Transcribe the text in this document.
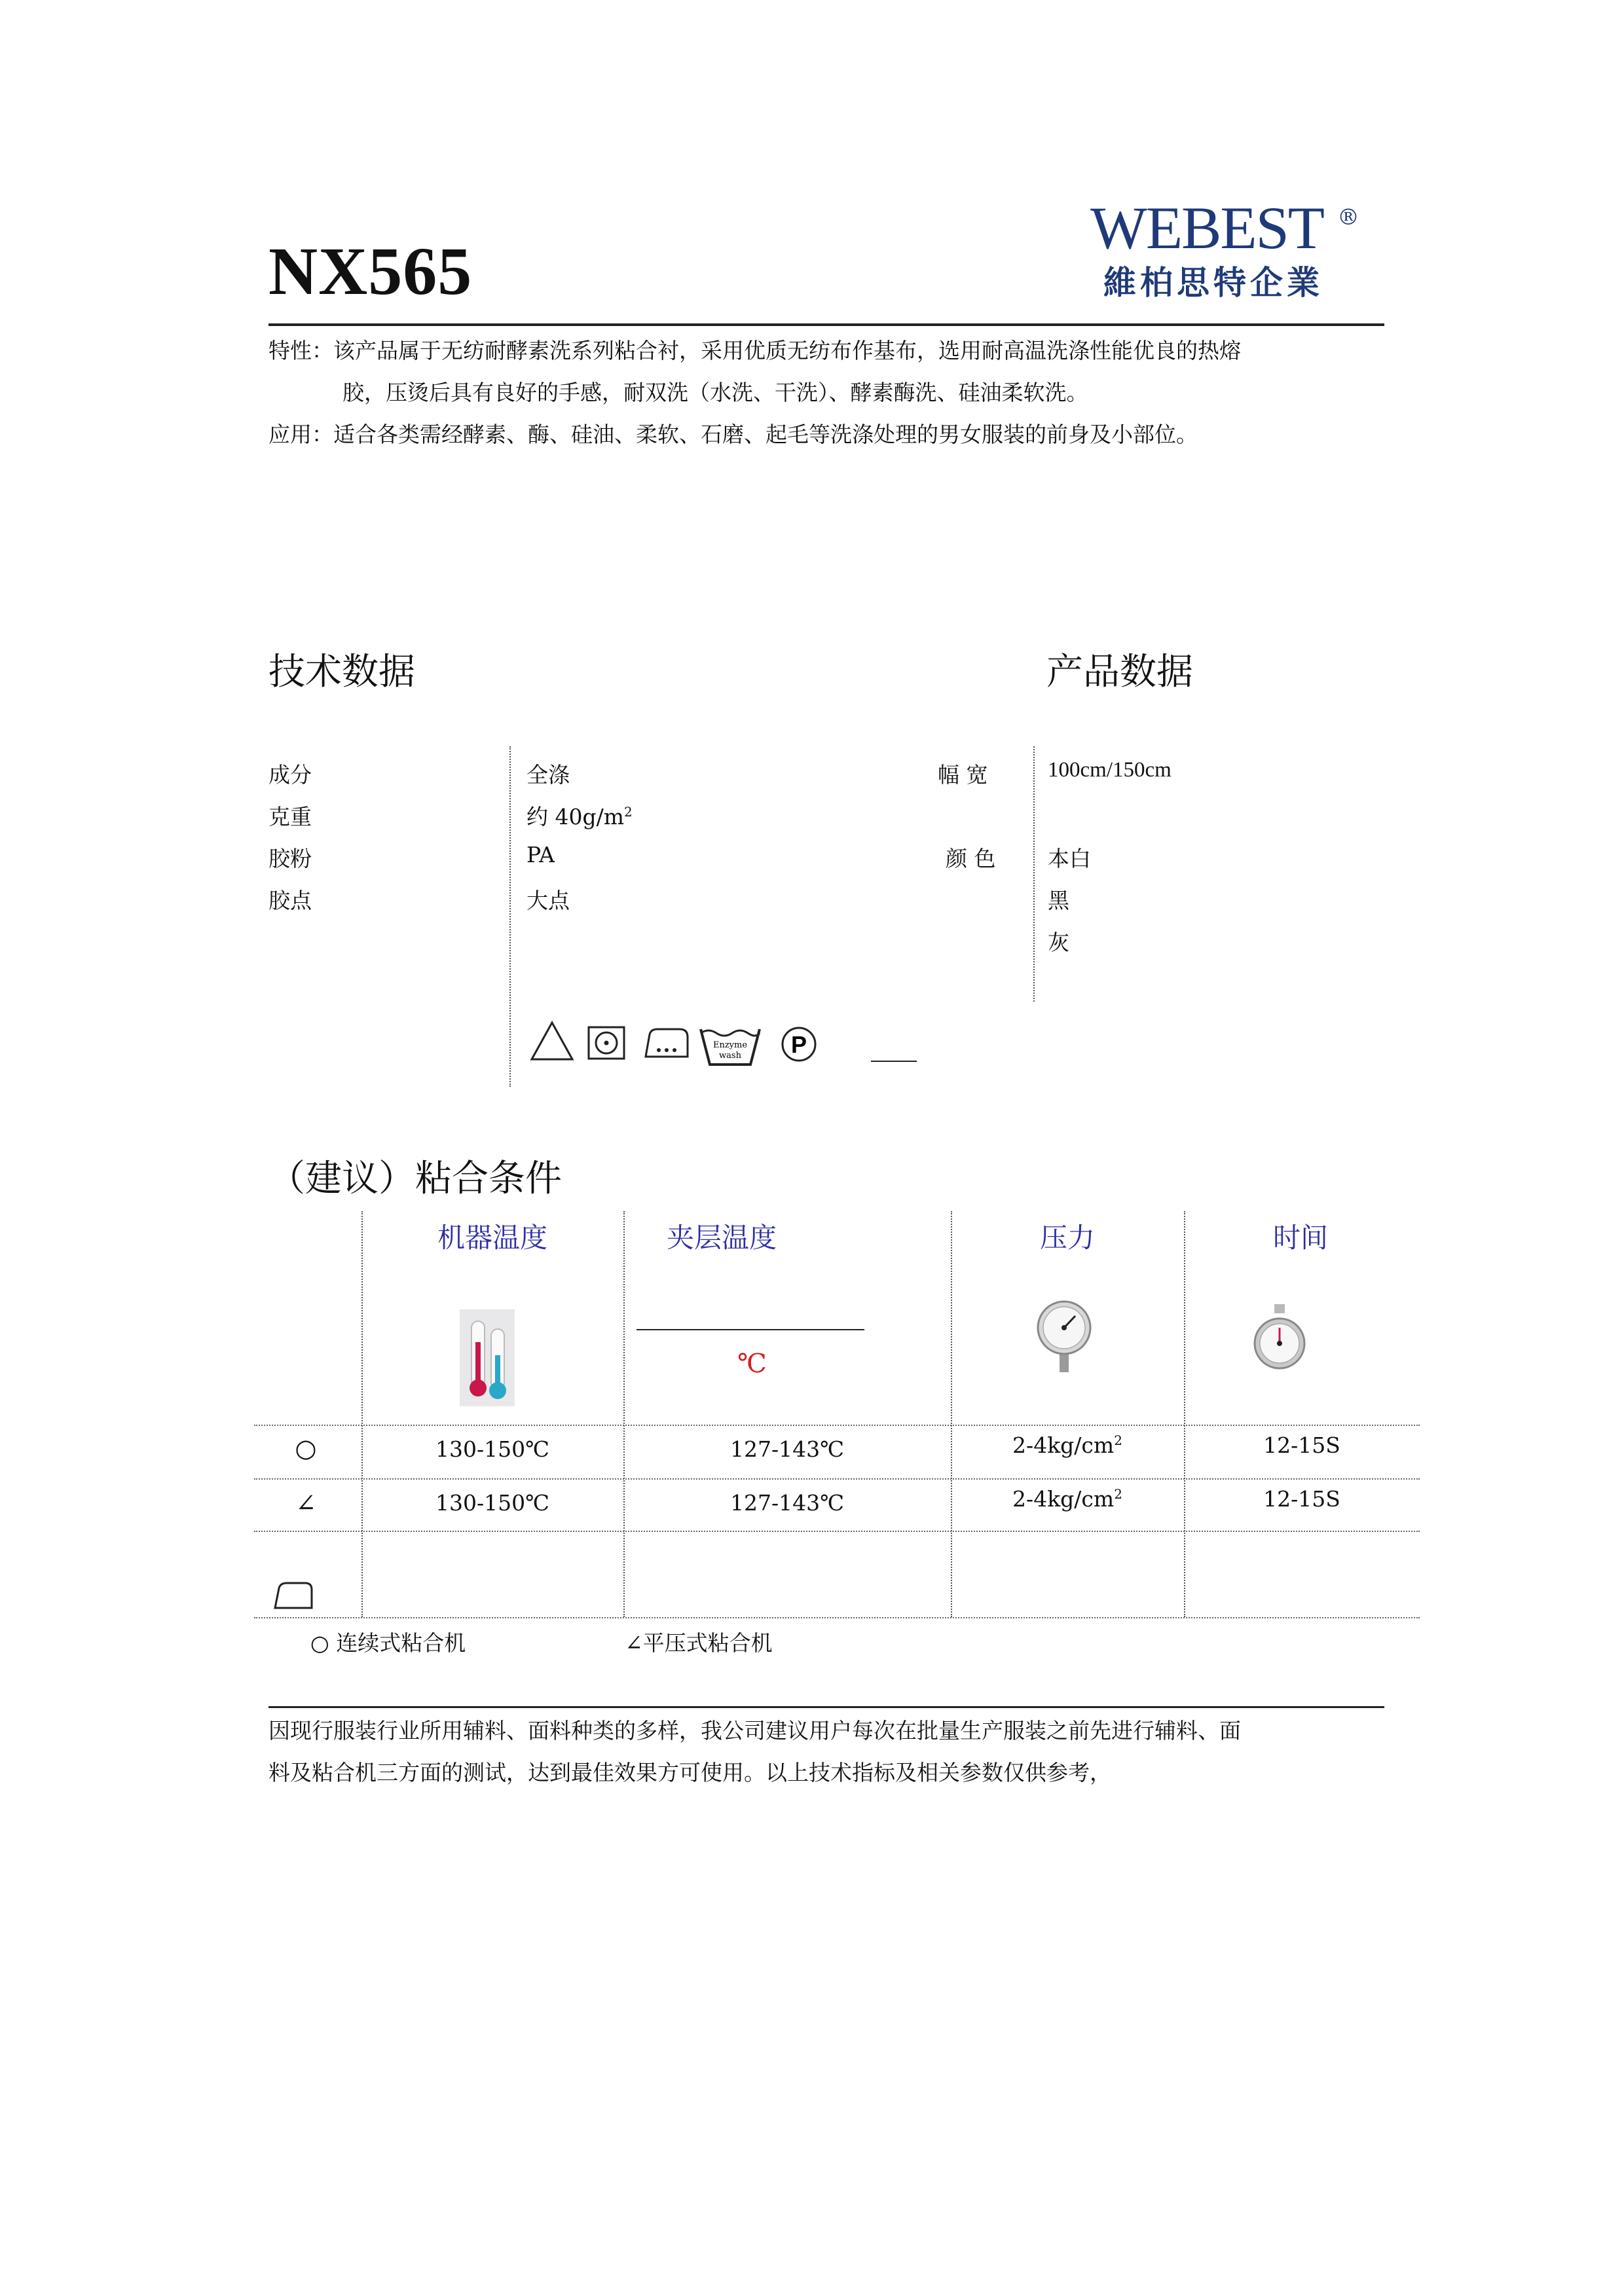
NX565
WEBEST ®
維柏思特企業
特性：该产品属于无纺耐酵素洗系列粘合衬，采用优质无纺布作基布，选用耐高温洗涤性能优良的热熔
胶，压烫后具有良好的手感，耐双洗（水洗、干洗）、酵素酶洗、硅油柔软洗。
应用：适合各类需经酵素、酶、硅油、柔软、石磨、起毛等洗涤处理的男女服装的前身及小部位。
技术数据	产品数据
成分	全涤
克重	约 $40g/m^2$
胶粉	PA
胶点	大点
幅 宽	100cm/150cm
颜 色 本白
黑
灰
Enzyme
wash P
（建议）粘合条件
机器温度	夹层温度	压力	时间
℃
○	130-150℃	127-143℃	$2-4kg/cm^2$	12-15S
∠	130-150℃	127-143℃	$2-4kg/cm^2$	12-15S
○ 连续式粘合机	∠平压式粘合机
因现行服装行业所用辅料、面料种类的多样，我公司建议用户每次在批量生产服装之前先进行辅料、面
料及粘合机三方面的测试，达到最佳效果方可使用。以上技术指标及相关参数仅供参考，
